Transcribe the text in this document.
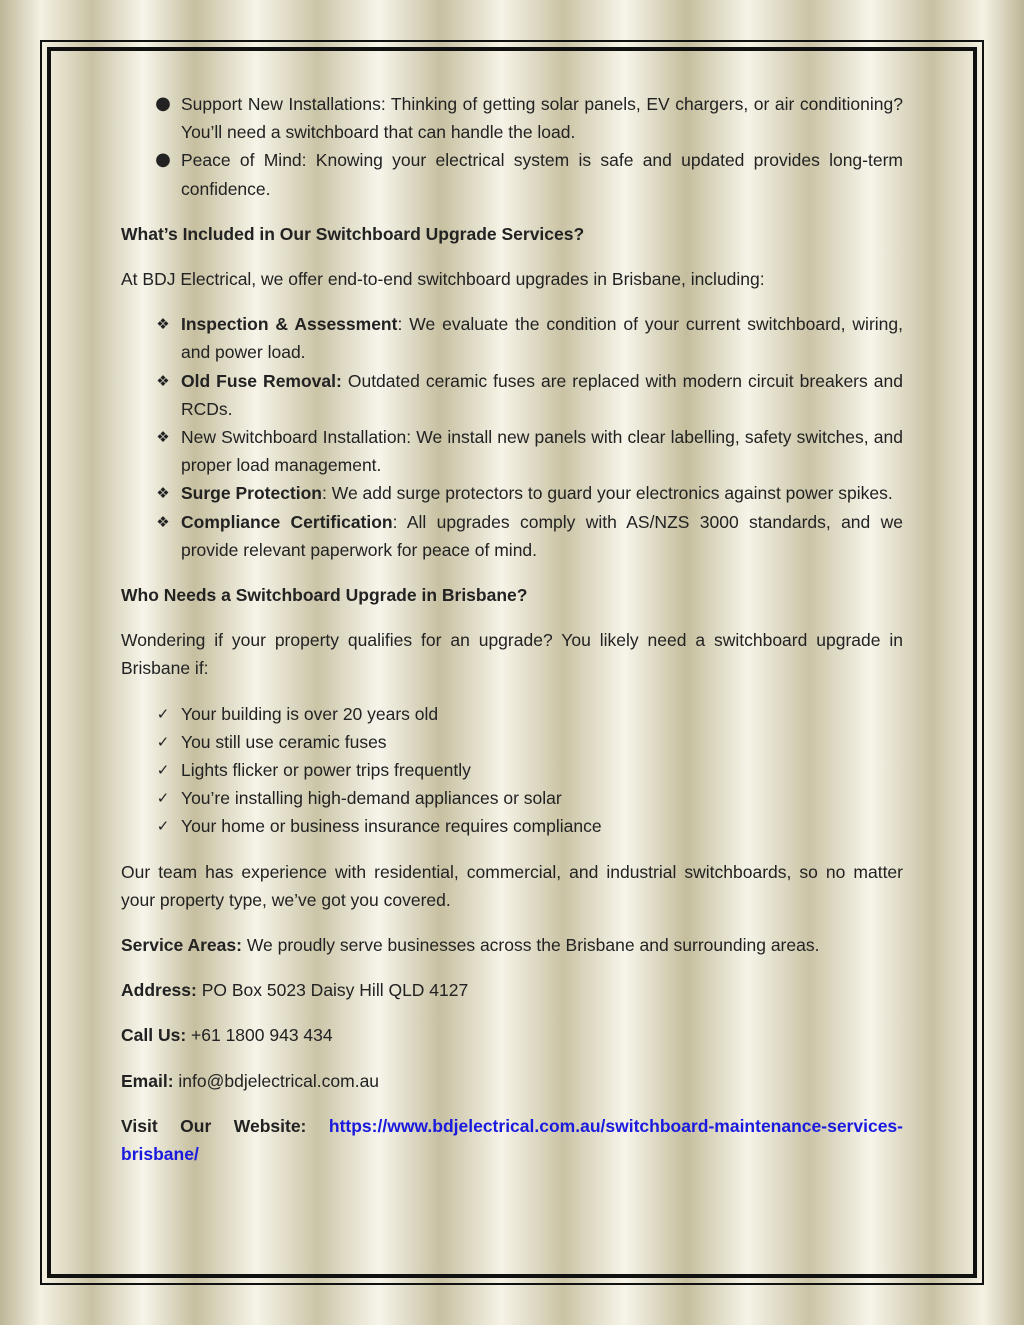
● Support New Installations: Thinking of getting solar panels, EV chargers, or air conditioning? You’ll need a switchboard that can handle the load.
● Peace of Mind: Knowing your electrical system is safe and updated provides long-term confidence.

What’s Included in Our Switchboard Upgrade Services?

At BDJ Electrical, we offer end-to-end switchboard upgrades in Brisbane, including:

❖ Inspection & Assessment: We evaluate the condition of your current switchboard, wiring, and power load.
❖ Old Fuse Removal: Outdated ceramic fuses are replaced with modern circuit breakers and RCDs.
❖ New Switchboard Installation: We install new panels with clear labelling, safety switches, and proper load management.
❖ Surge Protection: We add surge protectors to guard your electronics against power spikes.
❖ Compliance Certification: All upgrades comply with AS/NZS 3000 standards, and we provide relevant paperwork for peace of mind.

Who Needs a Switchboard Upgrade in Brisbane?

Wondering if your property qualifies for an upgrade? You likely need a switchboard upgrade in Brisbane if:

✓ Your building is over 20 years old
✓ You still use ceramic fuses
✓ Lights flicker or power trips frequently
✓ You’re installing high-demand appliances or solar
✓ Your home or business insurance requires compliance

Our team has experience with residential, commercial, and industrial switchboards, so no matter your property type, we’ve got you covered.

Service Areas: We proudly serve businesses across the Brisbane and surrounding areas.

Address: PO Box 5023 Daisy Hill QLD 4127

Call Us: +61 1800 943 434

Email: info@bdjelectrical.com.au

Visit Our Website: https://www.bdjelectrical.com.au/switchboard-maintenance-services-brisbane/
